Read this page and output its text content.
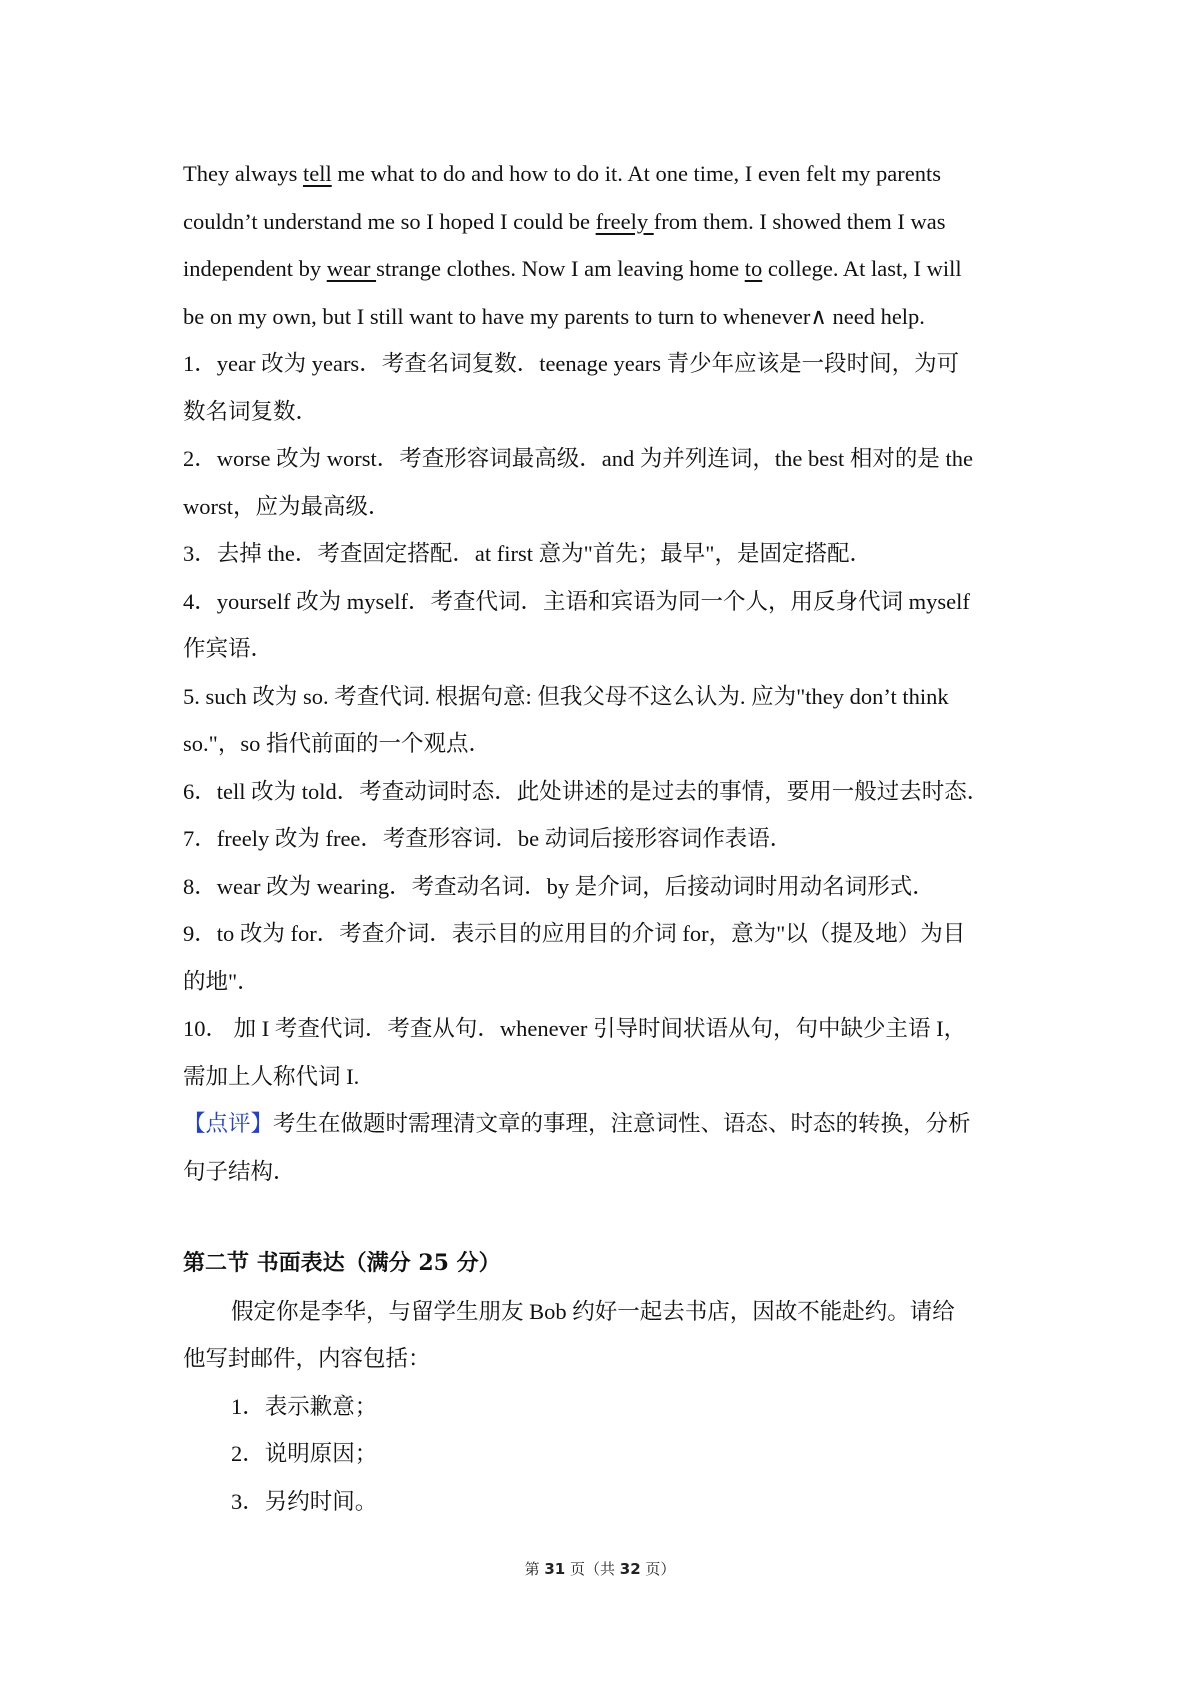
They always tell me what to do and how to do it. At one time, I even felt my parents
couldn’t understand me so I hoped I could be freely from them. I showed them I was
independent by wear strange clothes. Now I am leaving home to college. At last, I will
be on my own, but I still want to have my parents to turn to whenever∧ need help.
1．year 改为 years．考查名词复数．teenage years 青少年应该是一段时间，为可
数名词复数．
2．worse 改为 worst．考查形容词最高级．and 为并列连词，the best 相对的是 the
worst，应为最高级．
3．去掉 the．考查固定搭配．at first 意为"首先；最早"，是固定搭配．
4．yourself 改为 myself．考查代词．主语和宾语为同一个人，用反身代词 myself
作宾语．
5. such 改为 so. 考查代词. 根据句意: 但我父母不这么认为. 应为"they don’t think
so."，so 指代前面的一个观点．
6．tell 改为 told．考查动词时态．此处讲述的是过去的事情，要用一般过去时态．
7．freely 改为 free．考查形容词．be 动词后接形容词作表语．
8．wear 改为 wearing．考查动名词．by 是介词，后接动词时用动名词形式．
9．to 改为 for．考查介词．表示目的应用目的介词 for，意为"以（提及地）为目
的地"．
10． 加 I 考查代词．考查从句．whenever 引导时间状语从句，句中缺少主语 I，
需加上人称代词 I.
【点评】考生在做题时需理清文章的事理，注意词性、语态、时态的转换，分析
句子结构．
第二节 书面表达（满分 25 分）
假定你是李华，与留学生朋友 Bob 约好一起去书店，因故不能赴约。请给
他写封邮件，内容包括：
1．表示歉意；
2．说明原因；
3．另约时间。
第 31 页（共 32 页）
